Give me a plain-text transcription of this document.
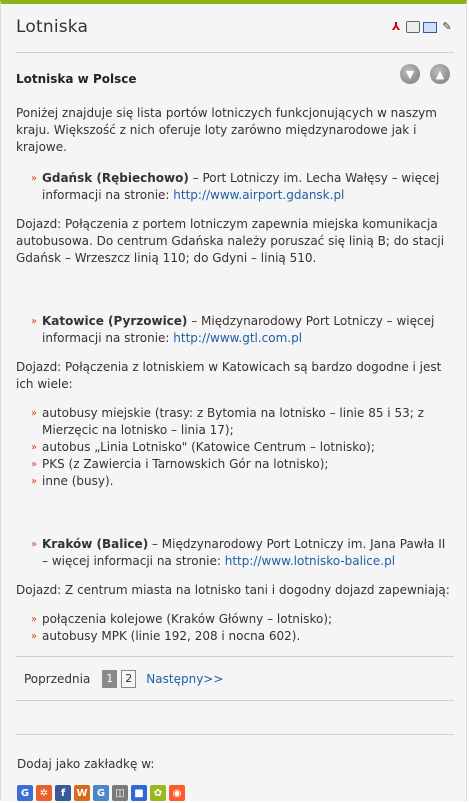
Lotniska	⅄	✎
Lotniska w Polsce	▼	▲

Poniżej znajduje się lista portów lotniczych funkcjonujących w naszym kraju. Większość z nich oferuje loty zarówno międzynarodowe jak i krajowe.

» Gdańsk (Rębiechowo) – Port Lotniczy im. Lecha Wałęsy – więcej informacji na stronie: http://www.airport.gdansk.pl

Dojazd: Połączenia z portem lotniczym zapewnia miejska komunikacja autobusowa. Do centrum Gdańska należy poruszać się linią B; do stacji Gdańsk – Wrzeszcz linią 110; do Gdyni – linią 510.

» Katowice (Pyrzowice) – Międzynarodowy Port Lotniczy – więcej informacji na stronie: http://www.gtl.com.pl

Dojazd: Połączenia z lotniskiem w Katowicach są bardzo dogodne i jest ich wiele:

» autobusy miejskie (trasy: z Bytomia na lotnisko – linie 85 i 53; z Mierzęcic na lotnisko – linia 17);

» autobus „Linia Lotnisko" (Katowice Centrum – lotnisko);

» PKS (z Zawiercia i Tarnowskich Gór na lotnisko);

» inne (busy).

» Kraków (Balice) – Międzynarodowy Port Lotniczy im. Jana Pawła II – więcej informacji na stronie: http://www.lotnisko-balice.pl

Dojazd: Z centrum miasta na lotnisko tani i dogodny dojazd zapewniają:

» połączenia kolejowe (Kraków Główny – lotnisko);

» autobusy MPK (linie 192, 208 i nocna 602).

Poprzednia	1	2	Następny>>
Dodaj jako zakładkę w:
G	✲	f	W G	◫ ■	✿	◉
